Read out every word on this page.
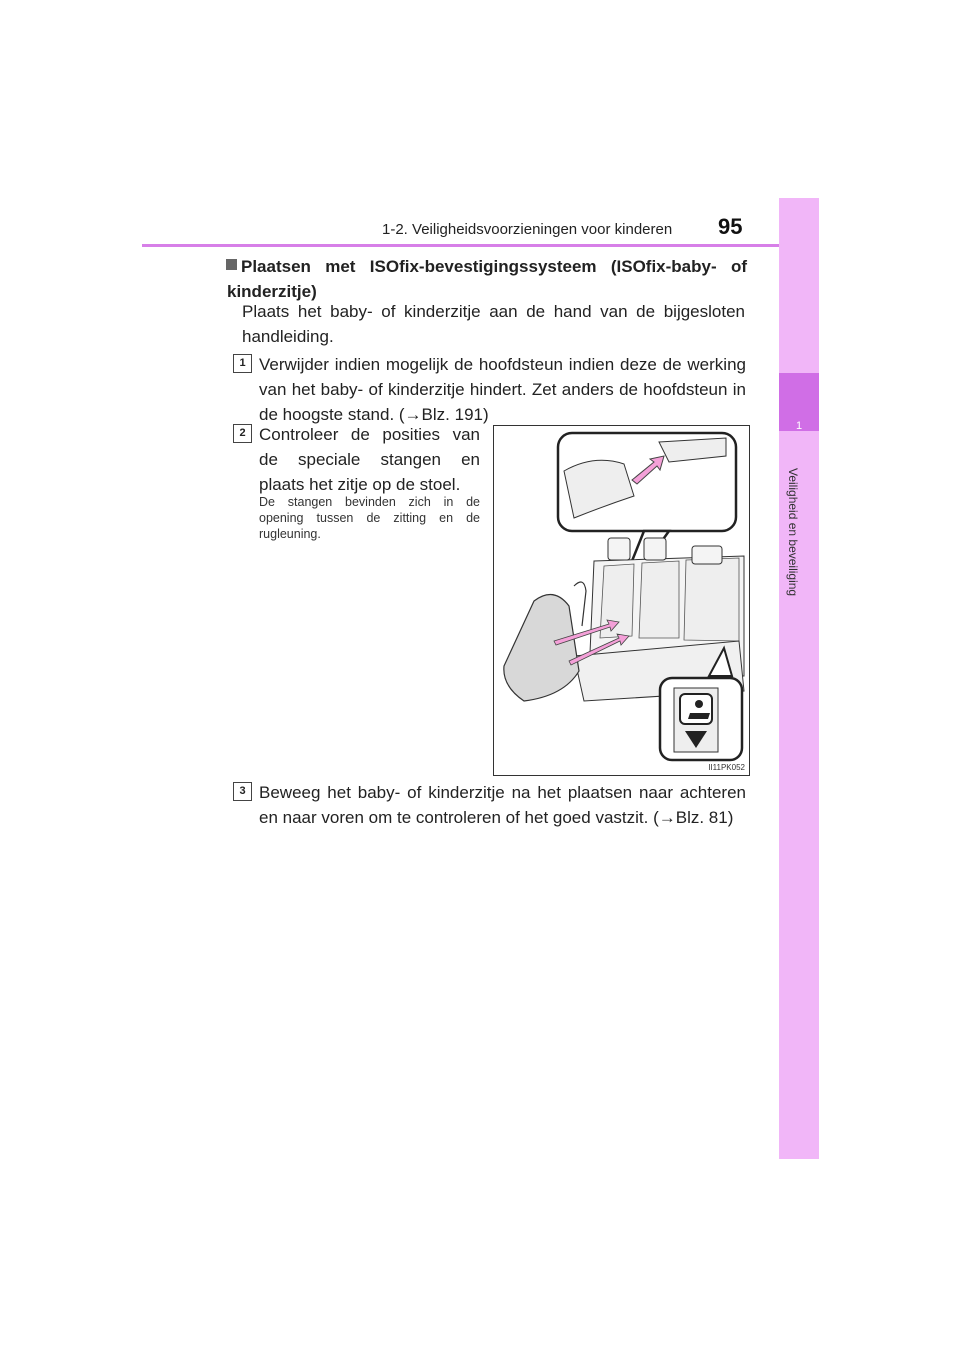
1-2. Veiligheidsvoorzieningen voor kinderen 95
1
Veiligheid en beveiliging
Plaatsen met ISOfix-bevestigingssysteem (ISOfix-baby- of kinderzitje)
Plaats het baby- of kinderzitje aan de hand van de bijgesloten handleiding.
1 Verwijder indien mogelijk de hoofdsteun indien deze de werking van het baby- of kinderzitje hindert. Zet anders de hoofdsteun in de hoogste stand. (→Blz. 191)
2 Controleer de posities van de speciale stangen en plaats het zitje op de stoel.
De stangen bevinden zich in de opening tussen de zitting en de rugleuning.
II11PK052
3 Beweeg het baby- of kinderzitje na het plaatsen naar achteren en naar voren om te controleren of het goed vastzit. (→Blz. 81)
